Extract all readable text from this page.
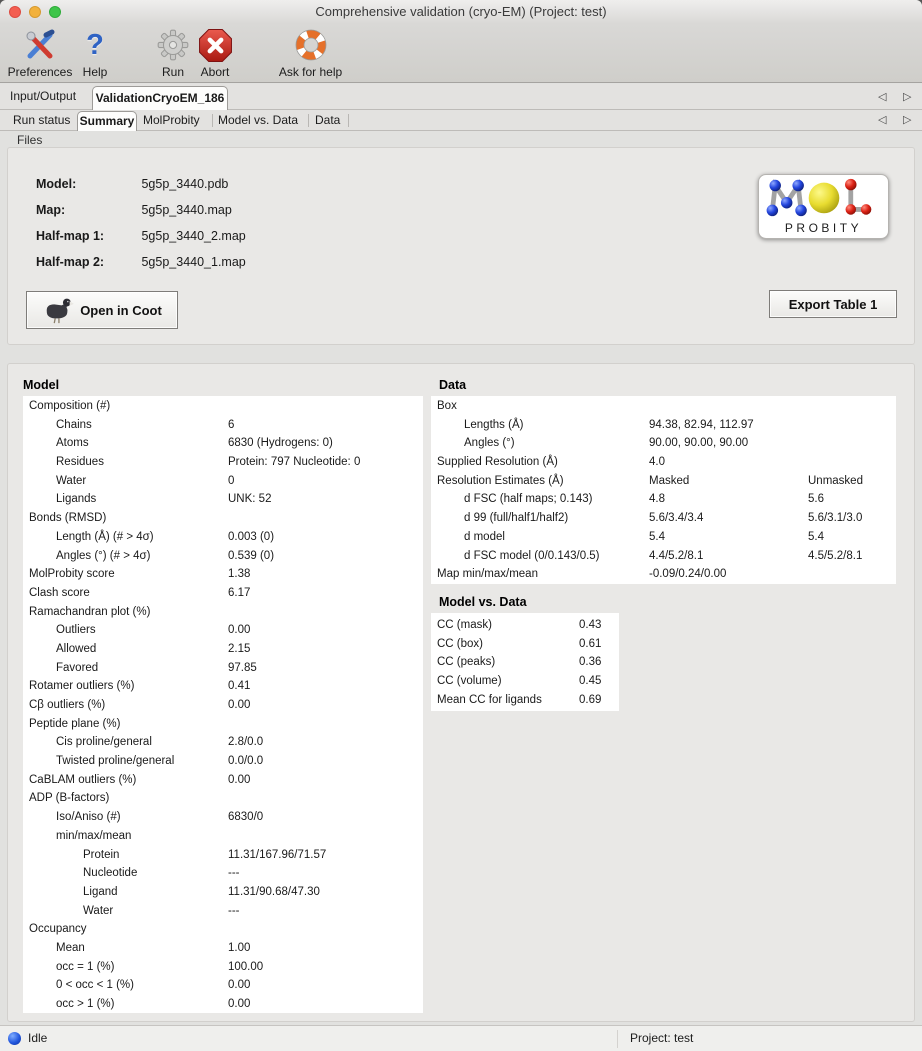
Comprehensive validation (cryo-EM) (Project: test)
Preferences
?
Help	Run	Abort	Ask for help
Input/Output	ValidationCryoEM_186	◁ ▷
Run status Summary MolProbity Model vs. Data Data	◁ ▷
Files
Model:	5g5p_3440.pdb
Map:	5g5p_3440.map
Half-map 1:	5g5p_3440_2.map
Half-map 2:	5g5p_3440_1.map
PROBITY
Open in Coot	Export Table 1
Model
Composition (#)
Chains	6
Atoms	6830 (Hydrogens: 0)
Residues	Protein: 797 Nucleotide: 0
Water	0
Ligands	UNK: 52
Bonds (RMSD)
Length (Å) (# > 4σ)	0.003 (0)
Angles (°) (# > 4σ)	0.539 (0)
MolProbity score	1.38
Clash score	6.17
Ramachandran plot (%)
Outliers	0.00
Allowed	2.15
Favored	97.85
Rotamer outliers (%)	0.41
Cβ outliers (%)	0.00
Peptide plane (%)
Cis proline/general	2.8/0.0
Twisted proline/general	0.0/0.0
CaBLAM outliers (%)	0.00
ADP (B-factors)
Iso/Aniso (#)	6830/0
min/max/mean
Protein	11.31/167.96/71.57
Nucleotide	---
Ligand	11.31/90.68/47.30
Water	---
Occupancy
Mean	1.00
occ = 1 (%)	100.00
0 < occ < 1 (%)	0.00
occ > 1 (%)	0.00
Data
Box
Lengths (Å)	94.38, 82.94, 112.97
Angles (°)	90.00, 90.00, 90.00
Supplied Resolution (Å)	4.0
Resolution Estimates (Å)	Masked	Unmasked
d FSC (half maps; 0.143)	4.8	5.6
d 99 (full/half1/half2)	5.6/3.4/3.4	5.6/3.1/3.0
d model	5.4	5.4
d FSC model (0/0.143/0.5)	4.4/5.2/8.1	4.5/5.2/8.1
Map min/max/mean	-0.09/0.24/0.00
Model vs. Data
CC (mask)	0.43
CC (box)	0.61
CC (peaks)	0.36
CC (volume)	0.45
Mean CC for ligands	0.69
Idle	Project: test
